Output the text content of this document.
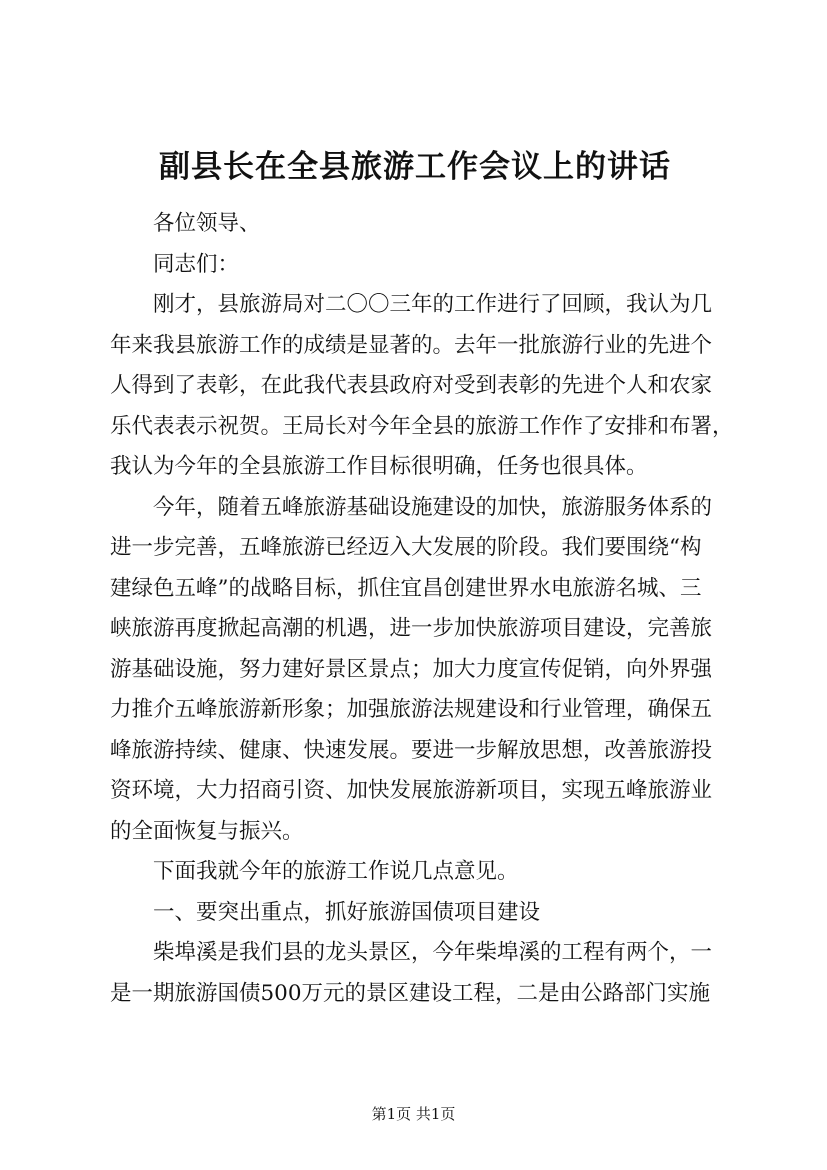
副县长在全县旅游工作会议上的讲话

各位领导、

同志们：

刚才，县旅游局对二〇〇三年的工作进行了回顾，我认为几

年来我县旅游工作的成绩是显著的。去年一批旅游行业的先进个

人得到了表彰，在此我代表县政府对受到表彰的先进个人和农家

乐代表表示祝贺。王局长对今年全县的旅游工作作了安排和布署，

我认为今年的全县旅游工作目标很明确，任务也很具体。

今年，随着五峰旅游基础设施建设的加快，旅游服务体系的

进一步完善，五峰旅游已经迈入大发展的阶段。我们要围绕“构

建绿色五峰”的战略目标，抓住宜昌创建世界水电旅游名城、三

峡旅游再度掀起高潮的机遇，进一步加快旅游项目建设，完善旅

游基础设施，努力建好景区景点；加大力度宣传促销，向外界强

力推介五峰旅游新形象；加强旅游法规建设和行业管理，确保五

峰旅游持续、健康、快速发展。要进一步解放思想，改善旅游投

资环境，大力招商引资、加快发展旅游新项目，实现五峰旅游业

的全面恢复与振兴。

下面我就今年的旅游工作说几点意见。

一、要突出重点，抓好旅游国债项目建设

柴埠溪是我们县的龙头景区，今年柴埠溪的工程有两个，一

是一期旅游国债500万元的景区建设工程，二是由公路部门实施

第1页 共1页
